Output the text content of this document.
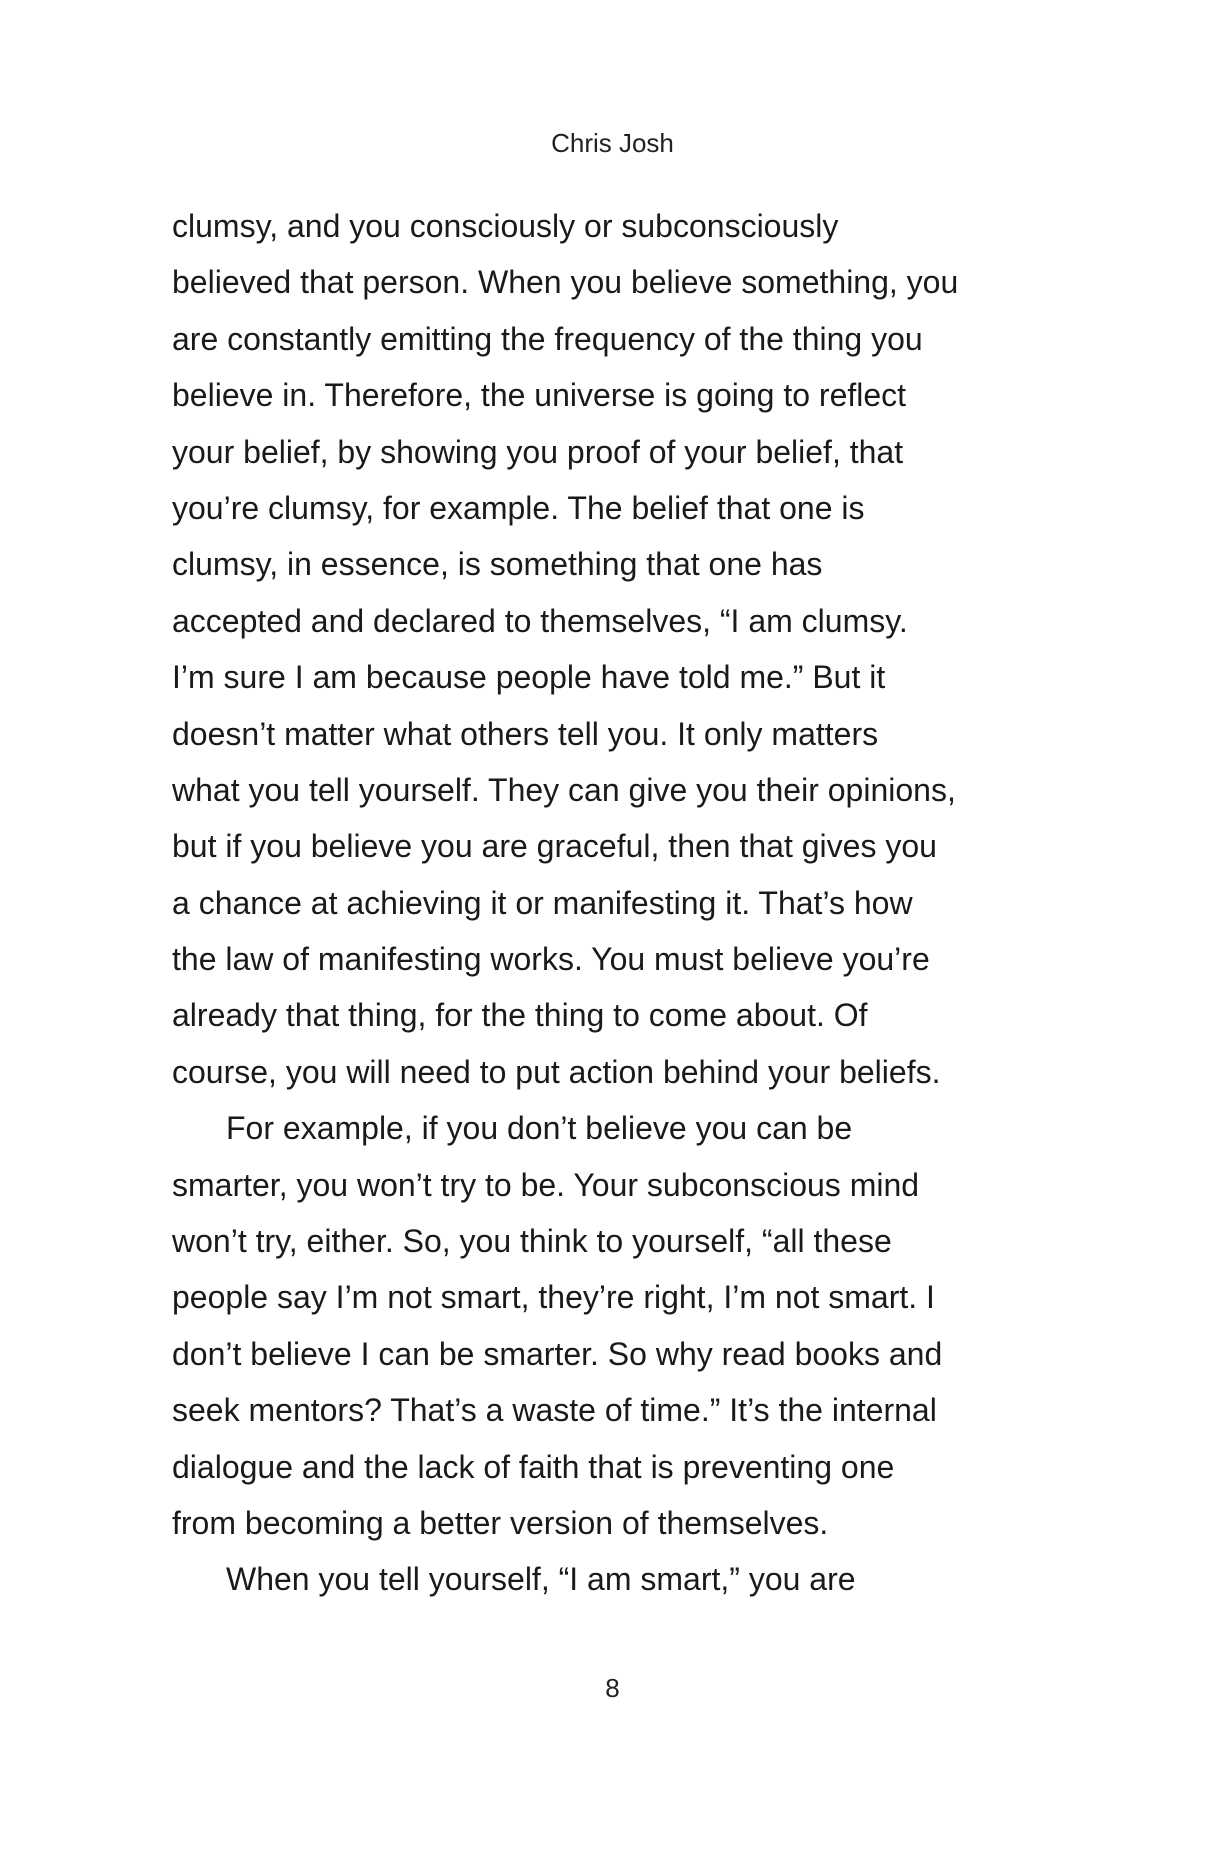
Chris Josh
clumsy, and you consciously or subconsciously
believed that person. When you believe something, you
are constantly emitting the frequency of the thing you
believe in. Therefore, the universe is going to reflect
your belief, by showing you proof of your belief, that
you’re clumsy, for example. The belief that one is
clumsy, in essence, is something that one has
accepted and declared to themselves, “I am clumsy.
I’m sure I am because people have told me.” But it
doesn’t matter what others tell you. It only matters
what you tell yourself. They can give you their opinions,
but if you believe you are graceful, then that gives you
a chance at achieving it or manifesting it. That’s how
the law of manifesting works. You must believe you’re
already that thing, for the thing to come about. Of
course, you will need to put action behind your beliefs.
For example, if you don’t believe you can be
smarter, you won’t try to be. Your subconscious mind
won’t try, either. So, you think to yourself, “all these
people say I’m not smart, they’re right, I’m not smart. I
don’t believe I can be smarter. So why read books and
seek mentors? That’s a waste of time.” It’s the internal
dialogue and the lack of faith that is preventing one
from becoming a better version of themselves.
When you tell yourself, “I am smart,” you are
8
